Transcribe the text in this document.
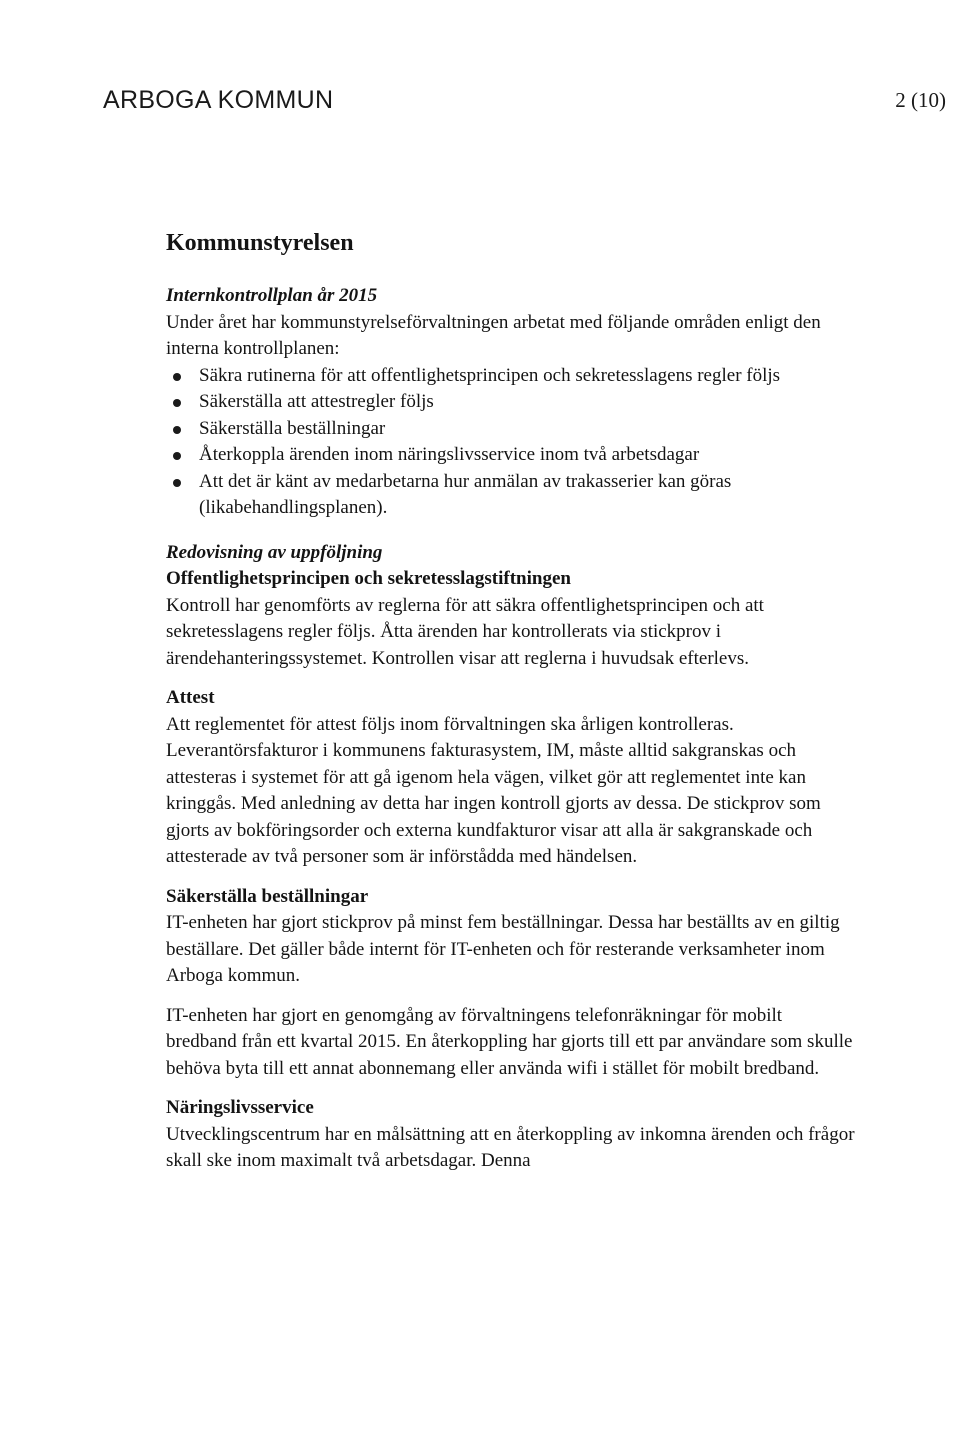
ARBOGA KOMMUN	2 (10)
Kommunstyrelsen
Internkontrollplan år 2015

Under året har kommunstyrelseförvaltningen arbetat med följande områden enligt den interna kontrollplanen:

Säkra rutinerna för att offentlighetsprincipen och sekretesslagens regler följs
Säkerställa att attestregler följs
Säkerställa beställningar
Återkoppla ärenden inom näringslivsservice inom två arbetsdagar
Att det är känt av medarbetarna hur anmälan av trakasserier kan göras (likabehandlingsplanen).
Redovisning av uppföljning
Offentlighetsprincipen och sekretesslagstiftningen

Kontroll har genomförts av reglerna för att säkra offentlighetsprincipen och att sekretesslagens regler följs. Åtta ärenden har kontrollerats via stickprov i ärendehanteringssystemet. Kontrollen visar att reglerna i huvudsak efterlevs.

Attest

Att reglementet för attest följs inom förvaltningen ska årligen kontrolleras. Leverantörsfakturor i kommunens fakturasystem, IM, måste alltid sakgranskas och attesteras i systemet för att gå igenom hela vägen, vilket gör att reglementet inte kan kringgås. Med anledning av detta har ingen kontroll gjorts av dessa. De stickprov som gjorts av bokföringsorder och externa kundfakturor visar att alla är sakgranskade och attesterade av två personer som är införstådda med händelsen.

Säkerställa beställningar

IT-enheten har gjort stickprov på minst fem beställningar. Dessa har beställts av en giltig beställare. Det gäller både internt för IT-enheten och för resterande verksamheter inom Arboga kommun.

IT-enheten har gjort en genomgång av förvaltningens telefonräkningar för mobilt bredband från ett kvartal 2015. En återkoppling har gjorts till ett par användare som skulle behöva byta till ett annat abonnemang eller använda wifi i stället för mobilt bredband.

Näringslivsservice

Utvecklingscentrum har en målsättning att en återkoppling av inkomna ärenden och frågor skall ske inom maximalt två arbetsdagar. Denna
